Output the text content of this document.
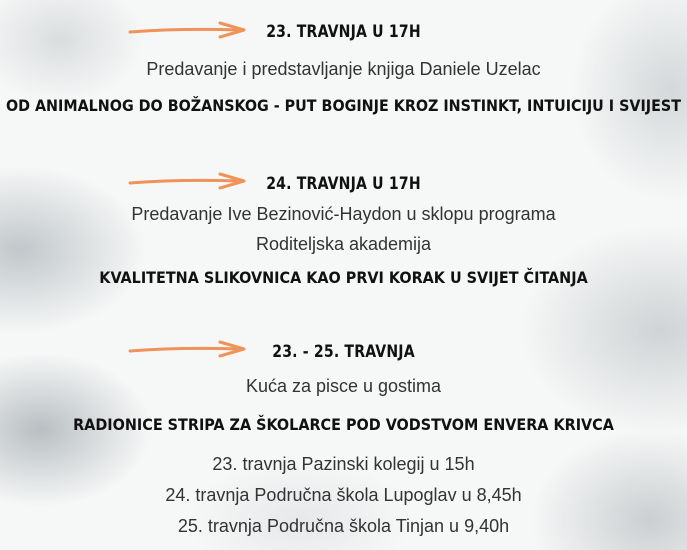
23. TRAVNJA U 17H
Predavanje i predstavljanje knjiga Daniele Uzelac
OD ANIMALNOG DO BOŽANSKOG - PUT BOGINJE KROZ INSTINKT, INTUICIJU I SVIJEST
24. TRAVNJA U 17H
Predavanje Ive Bezinović-Haydon u sklopu programa
Roditeljska akademija
KVALITETNA SLIKOVNICA KAO PRVI KORAK U SVIJET ČITANJA
23. - 25. TRAVNJA
Kuća za pisce u gostima
RADIONICE STRIPA ZA ŠKOLARCE POD VODSTVOM ENVERA KRIVCA
23. travnja Pazinski kolegij u 15h
24. travnja Područna škola Lupoglav u 8,45h
25. travnja Područna škola Tinjan u 9,40h
